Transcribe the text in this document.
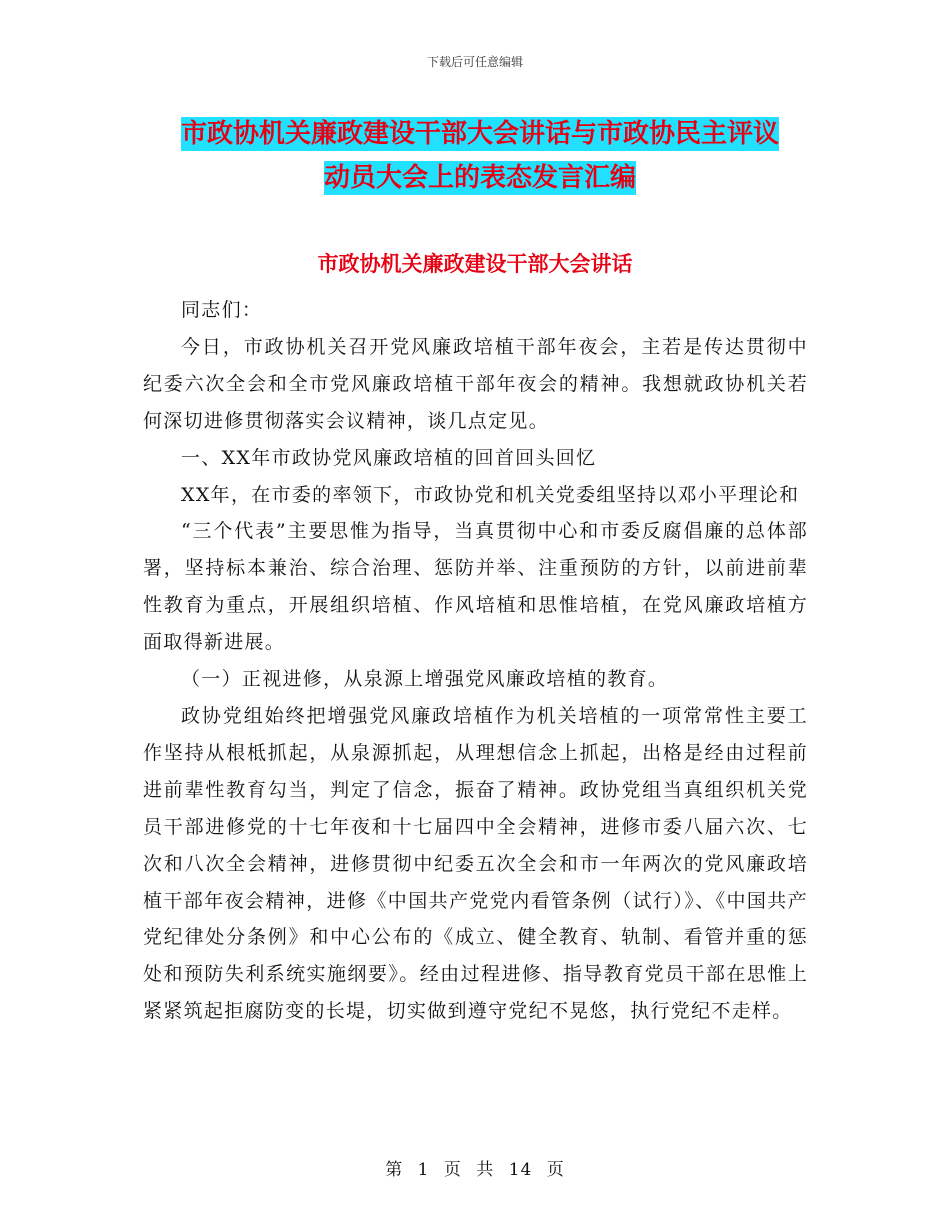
下载后可任意编辑
市政协机关廉政建设干部大会讲话与市政协民主评议
动员大会上的表态发言汇编
市政协机关廉政建设干部大会讲话

同志们：

今日，市政协机关召开党风廉政培植干部年夜会，主若是传达贯彻中纪委六次全会和全市党风廉政培植干部年夜会的精神。我想就政协机关若何深切进修贯彻落实会议精神，谈几点定见。

一、XX年市政协党风廉政培植的回首回头回忆

XX年，在市委的率领下，市政协党和机关党委组坚持以邓小平理论和

“三个代表”主要思惟为指导，当真贯彻中心和市委反腐倡廉的总体部署，坚持标本兼治、综合治理、惩防并举、注重预防的方针，以前进前辈性教育为重点，开展组织培植、作风培植和思惟培植，在党风廉政培植方面取得新进展。

（一）正视进修，从泉源上增强党风廉政培植的教育。

政协党组始终把增强党风廉政培植作为机关培植的一项常常性主要工作坚持从根柢抓起，从泉源抓起，从理想信念上抓起，出格是经由过程前进前辈性教育勾当，判定了信念，振奋了精神。政协党组当真组织机关党员干部进修党的十七年夜和十七届四中全会精神，进修市委八届六次、七次和八次全会精神，进修贯彻中纪委五次全会和市一年两次的党风廉政培植干部年夜会精神，进修《中国共产党党内看管条例（试行）》、《中国共产党纪律处分条例》和中心公布的《成立、健全教育、轨制、看管并重的惩处和预防失利系统实施纲要》。经由过程进修、指导教育党员干部在思惟上紧紧筑起拒腐防变的长堤，切实做到遵守党纪不晃悠，执行党纪不走样。

第 1 页 共 14 页
